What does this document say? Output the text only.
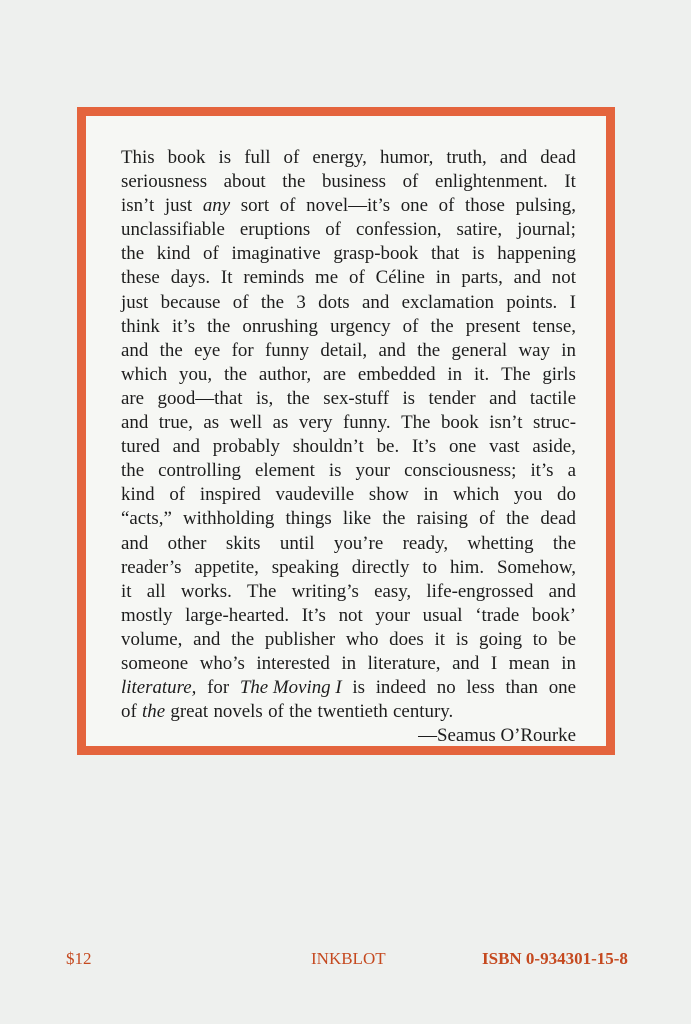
This book is full of energy, humor, truth, and dead
seriousness about the business of enlightenment. It
isn’t just any sort of novel—it’s one of those pulsing,
unclassifiable eruptions of confession, satire, journal;
the kind of imaginative grasp-book that is happening
these days. It reminds me of Céline in parts, and not
just because of the 3 dots and exclamation points. I
think it’s the onrushing urgency of the present tense,
and the eye for funny detail, and the general way in
which you, the author, are embedded in it. The girls
are good—that is, the sex-stuff is tender and tactile
and true, as well as very funny. The book isn’t struc-
tured and probably shouldn’t be. It’s one vast aside,
the controlling element is your consciousness; it’s a
kind of inspired vaudeville show in which you do
“acts,” withholding things like the raising of the dead
and other skits until you’re ready, whetting the
reader’s appetite, speaking directly to him. Somehow,
it all works. The writing’s easy, life-engrossed and
mostly large-hearted. It’s not your usual ‘trade book’
volume, and the publisher who does it is going to be
someone who’s interested in literature, and I mean in
literature, for The Moving I is indeed no less than one
of the great novels of the twentieth century.
—Seamus O’Rourke
$12	INKBLOT	ISBN 0-934301-15-8
